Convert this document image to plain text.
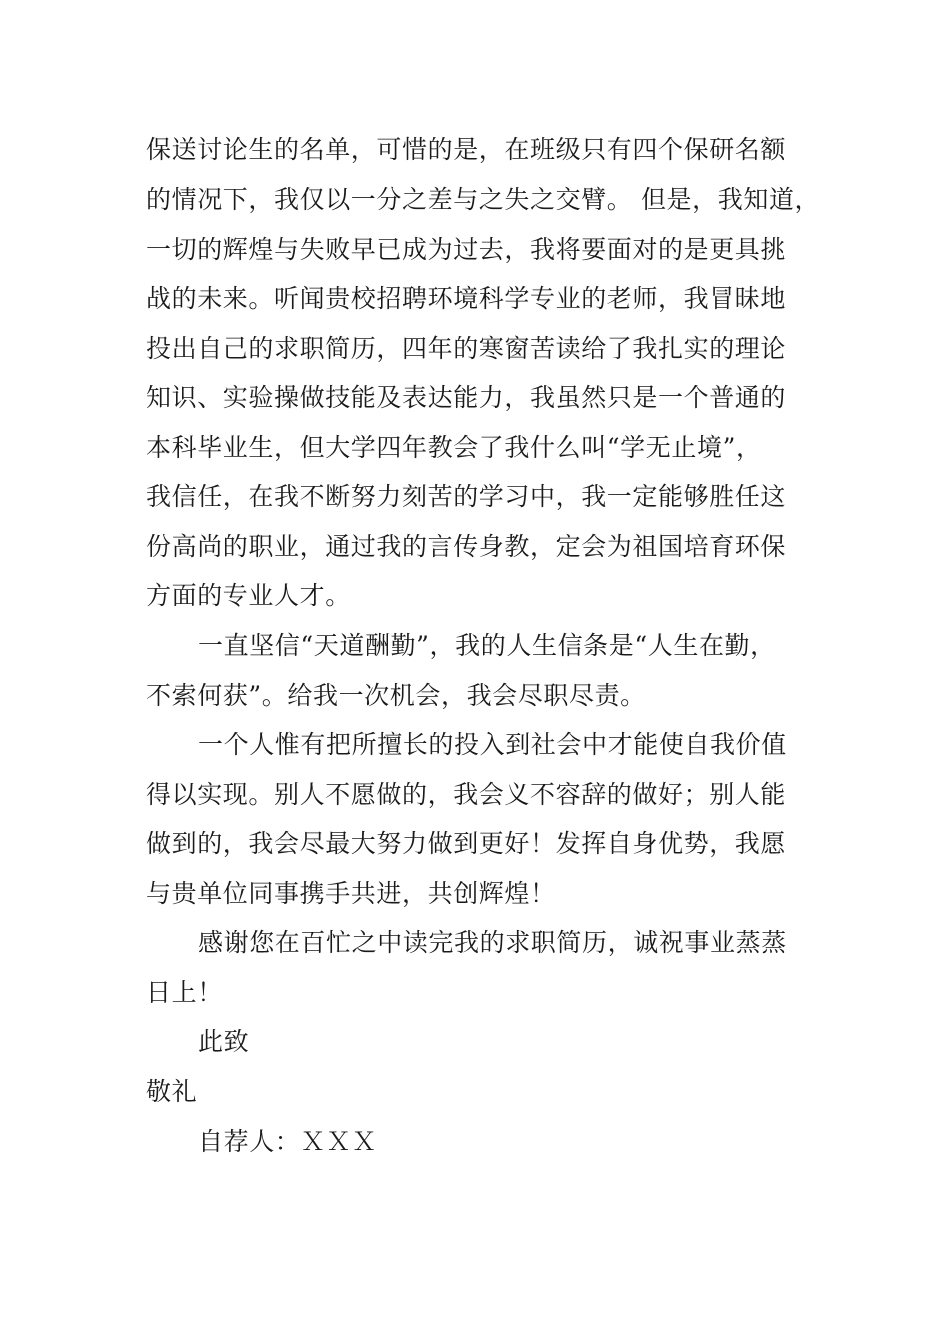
保送讨论生的名单，可惜的是，在班级只有四个保研名额
的情况下，我仅以一分之差与之失之交臂。 但是，我知道，
一切的辉煌与失败早已成为过去，我将要面对的是更具挑
战的未来。听闻贵校招聘环境科学专业的老师，我冒昧地
投出自己的求职简历，四年的寒窗苦读给了我扎实的理论
知识、实验操做技能及表达能力，我虽然只是一个普通的
本科毕业生，但大学四年教会了我什么叫“学无止境”，
我信任，在我不断努力刻苦的学习中，我一定能够胜任这
份高尚的职业，通过我的言传身教，定会为祖国培育环保
方面的专业人才。
一直坚信“天道酬勤”，我的人生信条是“人生在勤，
不索何获”。给我一次机会，我会尽职尽责。
一个人惟有把所擅长的投入到社会中才能使自我价值
得以实现。别人不愿做的，我会义不容辞的做好；别人能
做到的，我会尽最大努力做到更好！发挥自身优势，我愿
与贵单位同事携手共进，共创辉煌！
感谢您在百忙之中读完我的求职简历，诚祝事业蒸蒸
日上！
此致
敬礼
自荐人：ＸＸＸ
